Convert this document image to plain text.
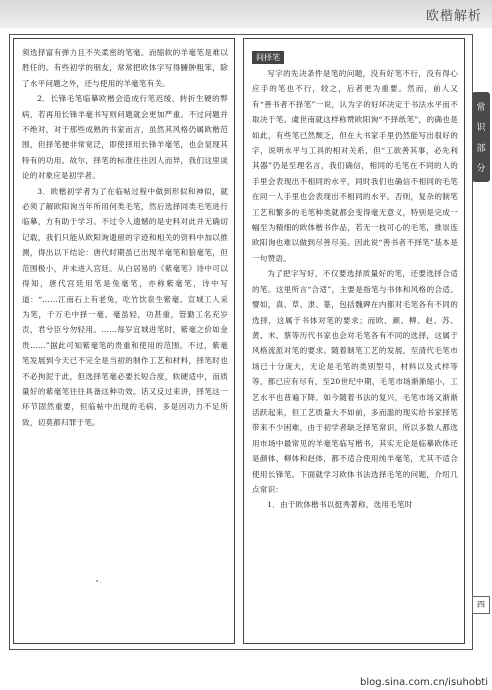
欧楷解析

须选择富有弹力且不失柔密的笔毫。而缩软的羊毫笔是难以胜任的。有些初学的朋友，常常把欧体字写得臃肿粗笨，除了水平问题之外，还与使用的羊毫笔有关。

2．长锋毛笔临摹欧楷会造成行笔迟缓、转折生硬的弊病，若再用长锋羊毫书写则问题就会更加严重。不过问题并不绝对，对于那些成熟的书家而言，虽然其风格仍属欧楷范围，但择笔便非常宽泛，即使择用长锋羊毫笔，也会显现其特有的功用。故尔，择笔的标准往往因人而异，我们这里谈论的对象应是初学者。

3．欧楷初学者为了在临帖过程中做到形似和神似，就必须了解欧阳询当年所用何类毛笔，然后选择同类毛笔进行临摹，方有助于学习。不过令人遗憾的是史料对此并无确切记载，我们只能从欧阳询遗留的字迹和相关的资料中加以推测，得出以下结论：唐代时期虽已出现羊毫笔和狼毫笔，但范围极小，并未进入宫廷。从白居易的《紫毫笔》诗中可以得知，唐代宫廷用笔是兔毫笔，亦称紫毫笔，诗中写道：“……江南石上有老兔，吃竹饮泉生紫毫。宣城工人采为笔，千万毛中择一毫。毫虽轻，功甚重，管勤工名充岁贡，君兮臣兮勿轻用。……每岁宜城进笔时，紫毫之价如金贵……”据此可知紫毫笔的贵重和使用的范围。不过，紫毫笔发展到今天已不完全是当初的制作工艺和材料，择笔时也不必拘泥于此，但选择笔毫必要长短合度，软硬适中，而质量好的紫毫笔往往具备这种功效。话又反过来讲，择笔这一环节固然重要，但临帖中出现的毛病，多是因功力不足所致，切莫都归罪于笔。

间择笔

写字的先决条件是笔的问题，没有好笔不行，没有得心应手的笔也不行，较之，后者更为重要。然而，前人又有“善书者不择笔”一说，认为字的好坏决定于书法水平而不取决于笔。虞世南就这样称赞欧阳询“不择纸笔”，的确也是如此，有些笔已然颓乏，但在大书家手里仍然能写出很好的字，说明水平与工具的相对关系，但“工欲善其事，必先利其器”仍是至理名言，我们确信，相同的毛笔在不同的人的手里会表现出不相同的水平，同时我们也确信不相同的毛笔在同一人手里也会表现出不相同的水平。否则，复杂的制笔工艺和繁多的毛笔种类就都会变得毫无意义，特别是完成一幅至为精细的欧体楷书作品，若无一枝可心的毛笔，推崇连欧阳询也难以做到尽善尽美。因此说“善书者不择笔”基本是一句赞语。

为了把字写好，不仅要选择质量好的笔，还要选择合适的笔。这里所言“合适”，主要是指笔与书体和风格的合适。譬如，真、草、隶、篆，包括魏碑在内都对毛笔各有不同的选择，这属于书体对笔的要求；而欧、颜、柳、赵、苏、黄、米、蔡等历代书家也会对毛笔各有不同的选择，这属于风格流派对笔的要求。随着制笔工艺的发展，至清代毛笔市场已十分庞大，无论是毛笔的类别型号，材料以及式样等等，都已应有尽有，至20世纪中期，毛笔市场渐渐缩小，工艺水平也普遍下降。如今随着书法的复兴，毛笔市场又渐渐活跃起来，但工艺质量大不如前，多而滥的现实给书家择笔带来不少困难，由于初学者缺乏择笔常识，所以多数人都选用市场中最常见的羊毫笔临写楷书，其实无论是临摹欧体还是颜体、柳体和赵体，都不适合使用纯羊毫笔，尤其不适合使用长锋笔。下面就学习欧体书法选择毛笔的问题，介绍几点常识：

1．由于欧体楷书以挺秀著称，选用毛笔时

常
识
部
分
四
blog.sina.com.cn/isuhobti
